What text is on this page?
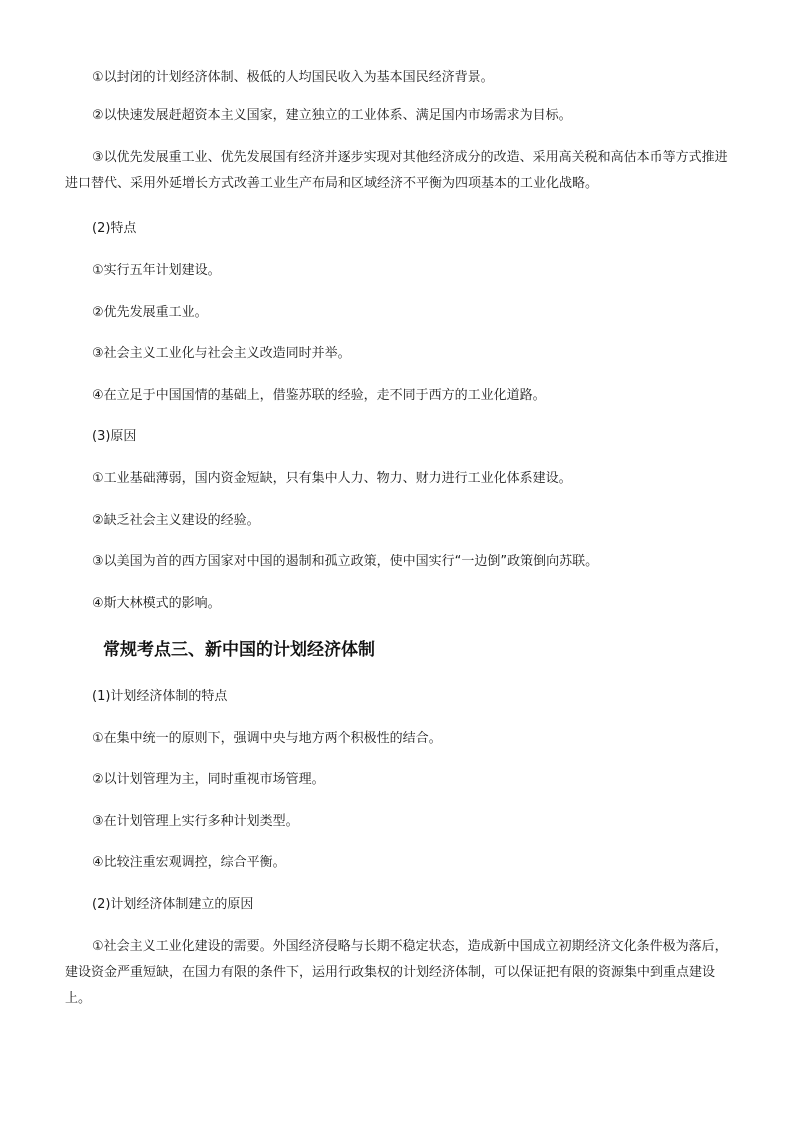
①以封闭的计划经济体制、极低的人均国民收入为基本国民经济背景。

②以快速发展赶超资本主义国家，建立独立的工业体系、满足国内市场需求为目标。

③以优先发展重工业、优先发展国有经济并逐步实现对其他经济成分的改造、采用高关税和高估本币等方式推进进口替代、采用外延增长方式改善工业生产布局和区域经济不平衡为四项基本的工业化战略。

(2)特点

①实行五年计划建设。

②优先发展重工业。

③社会主义工业化与社会主义改造同时并举。

④在立足于中国国情的基础上，借鉴苏联的经验，走不同于西方的工业化道路。

(3)原因

①工业基础薄弱，国内资金短缺，只有集中人力、物力、财力进行工业化体系建设。

②缺乏社会主义建设的经验。

③以美国为首的西方国家对中国的遏制和孤立政策，使中国实行“一边倒”政策倒向苏联。

④斯大林模式的影响。

常规考点三、新中国的计划经济体制

(1)计划经济体制的特点

①在集中统一的原则下，强调中央与地方两个积极性的结合。

②以计划管理为主，同时重视市场管理。

③在计划管理上实行多种计划类型。

④比较注重宏观调控，综合平衡。

(2)计划经济体制建立的原因

①社会主义工业化建设的需要。外国经济侵略与长期不稳定状态，造成新中国成立初期经济文化条件极为落后，建设资金严重短缺，在国力有限的条件下，运用行政集权的计划经济体制，可以保证把有限的资源集中到重点建设上。
